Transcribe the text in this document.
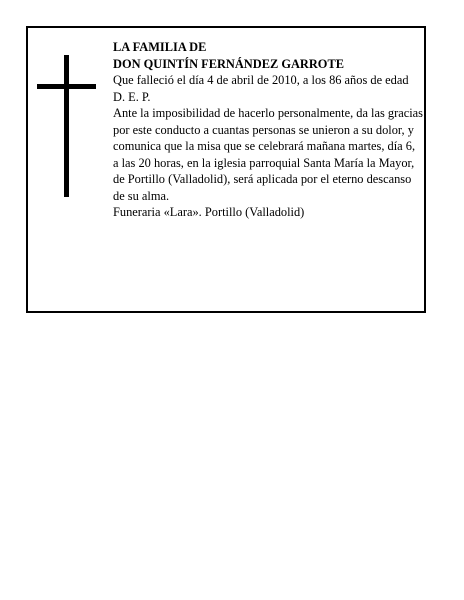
LA FAMILIA DE

DON QUINTÍN FERNÁNDEZ GARROTE

Que falleció el día 4 de abril de 2010, a los 86 años de edad

D. E. P.

Ante la imposibilidad de hacerlo personalmente, da las gracias por este conducto a cuantas personas se unieron a su dolor, y comunica que la misa que se celebrará mañana martes, día 6, a las 20 horas, en la iglesia parroquial Santa María la Mayor, de Portillo (Valladolid), será aplicada por el eterno descanso de su alma.

Funeraria «Lara». Portillo (Valladolid)
